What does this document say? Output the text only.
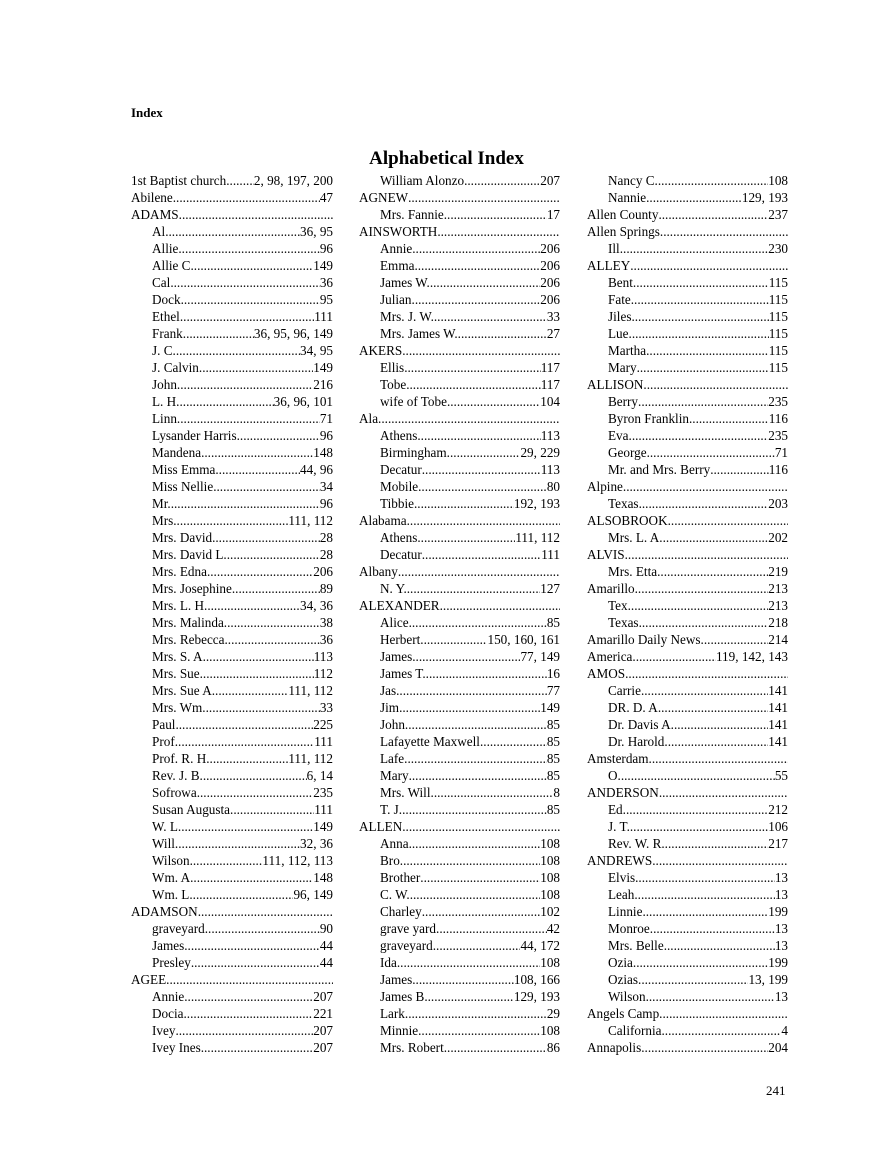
Index
Alphabetical Index
1st Baptist church ..... 2, 98, 197, 200
Abilene .....	47
ADAMS
.....
Al .....	36, 95
Allie .....	96
Allie C. .....	149
Cal .....	36
Dock .....	95
Ethel .....	111
Frank .....	36, 95, 96, 149
J. C. .....	34, 95
J. Calvin .....	149
John .....	216
L. H. .....	36, 96, 101
Linn .....	71
Lysander Harris .....	96
Mandena .....	148
Miss Emma .....	44, 96
Miss Nellie .....	34
Mr. .....	96
Mrs. .....	111, 112
Mrs. David .....	28
Mrs. David L. .....	28
Mrs. Edna .....	206
Mrs. Josephine .....	89
Mrs. L. H. .....	34, 36
Mrs. Malinda .....	38
Mrs. Rebecca .....	36
Mrs. S. A. .....	113
Mrs. Sue .....	112
Mrs. Sue A. .....	111, 112
Mrs. Wm. .....	33
Paul .....	225
Prof. .....	111
Prof. R. H. .....	111, 112
Rev. J. B. .....	6, 14
Sofrowa .....	235
Susan Augusta .....	111
W. L. .....	149
Will .....	32, 36
Wilson .....	111, 112, 113
Wm. A. .....	148
Wm. L. .....	96, 149
ADAMSON
.....
graveyard .....	90
James .....	44
Presley .....	44
AGEE
.....
Annie .....	207
Docia .....	221
Ivey .....	207
Ivey Ines .....	207
William Alonzo .....	207
AGNEW
.....
Mrs. Fannie .....	17
AINSWORTH
.....
Annie .....	206
Emma .....	206
James W. .....	206
Julian .....	206
Mrs. J. W. .....	33
Mrs. James W. .....	27
AKERS
.....
Ellis .....	117
Tobe .....	117
wife of Tobe .....	104
Ala.
.....
Athens .....	113
Birmingham .....	29, 229
Decatur .....	113
Mobile .....	80
Tibbie .....	192, 193
Alabama
.....
Athens .....	111, 112
Decatur .....	111
Albany
.....
N. Y. .....	127
ALEXANDER
.....
Alice .....	85
Herbert .....	150, 160, 161
James .....	77, 149
James T. .....	16
Jas. .....	77
Jim .....	149
John .....	85
Lafayette Maxwell .....	85
Lafe .....	85
Mary .....	85
Mrs. Will .....	8
T. J. .....	85
ALLEN
.....
Anna .....	108
Bro. .....	108
Brother .....	108
C. W. .....	108
Charley .....	102
grave yard .....	42
graveyard .....	44, 172
Ida .....	108
James .....	108, 166
James B. .....	129, 193
Lark .....	29
Minnie .....	108
Mrs. Robert .....	86
Nancy C. .....	108
Nannie .....	129, 193
Allen County .....	237
Allen Springs
.....
Ill. .....	230
ALLEY
.....
Bent .....	115
Fate .....	115
Jiles .....	115
Lue .....	115
Martha .....	115
Mary .....	115
ALLISON
.....
Berry .....	235
Byron Franklin .....	116
Eva .....	235
George .....	71
Mr. and Mrs. Berry .....	116
Alpine
.....
Texas .....	203
ALSOBROOK
.....
Mrs. L. A. .....	202
ALVIS
.....
Mrs. Etta .....	219
Amarillo .....	213
Tex .....	213
Texas .....	218
Amarillo Daily News .....	214
America .....	119, 142, 143
AMOS
.....
Carrie .....	141
DR. D. A. .....	141
Dr. Davis A. .....	141
Dr. Harold .....	141
Amsterdam
.....
O. .....	55
ANDERSON
.....
Ed. .....	212
J. T. .....	106
Rev. W. R. .....	217
ANDREWS
.....
Elvis .....	13
Leah .....	13
Linnie .....	199
Monroe .....	13
Mrs. Belle .....	13
Ozia .....	199
Ozias .....	13, 199
Wilson .....	13
Angels Camp
.....
California .....	4
Annapolis .....	204
241
